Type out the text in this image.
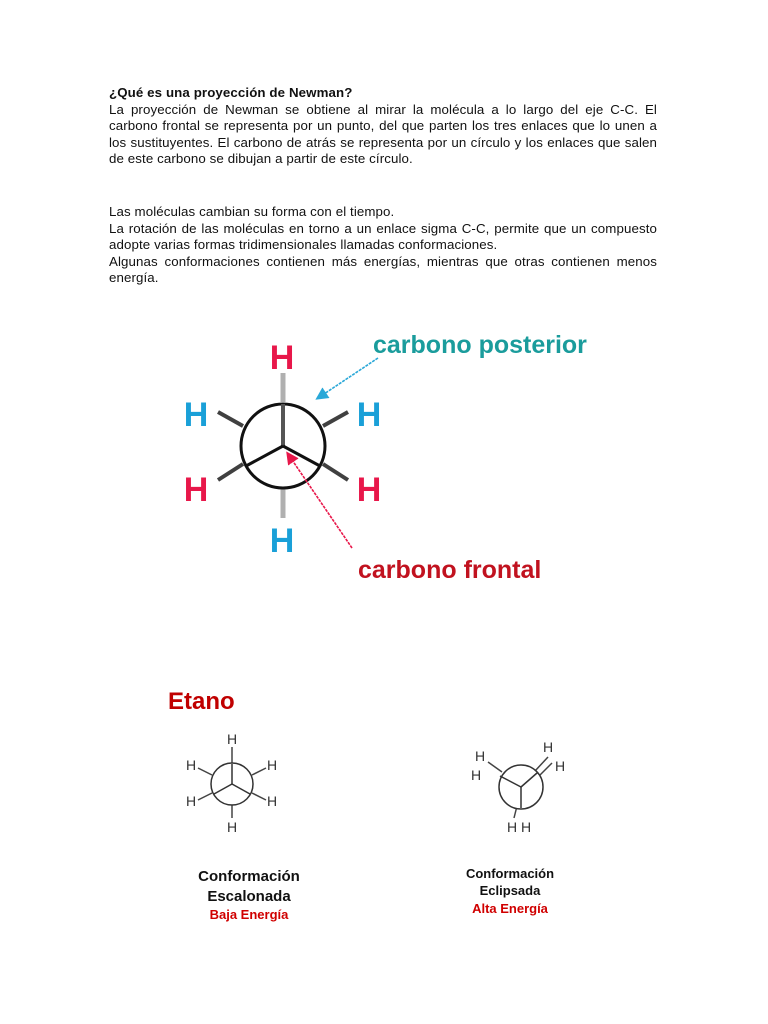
¿Qué es una proyección de Newman?
La proyección de Newman se obtiene al mirar la molécula a lo largo del eje C-C. El carbono frontal se representa por un punto, del que parten los tres enlaces que lo unen a los sustituyentes. El carbono de atrás se representa por un círculo y los enlaces que salen de este carbono se dibujan a partir de este círculo.
Las moléculas cambian su forma con el tiempo.
La rotación de las moléculas en torno a un enlace sigma C-C, permite que un compuesto adopte varias formas tridimensionales llamadas conformaciones.
Algunas conformaciones contienen más energías, mientras que otras contienen menos energía.
H
H	H
H	H
H
carbono posterior
carbono frontal
Etano
H
H	H
H	H
H
H
H
H
H
H H
Conformación
Escalonada
Baja Energía
Conformación
Eclipsada
Alta Energía
